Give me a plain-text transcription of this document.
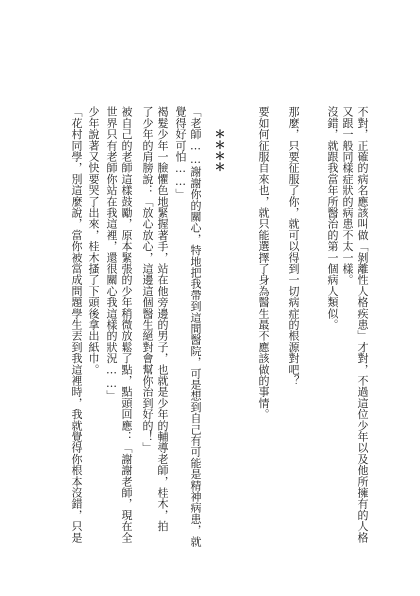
不對，正確的病名應該叫做「剝離性人格疾患」才對，不過這位少年以及他所擁有的人格
又跟一般同樣症狀的病患不太一樣。
沒錯，就跟我當年所醫治的第一個病人類似。
那麼，只要征服了你，就可以得到一切病症的根源對吧？
要如何征服自來也，就只能選擇了身為醫生最不應該做的事情。
＊＊＊＊
「老師……謝謝你的關心，特地把我帶到這間醫院，可是想到自己有可能是精神病患，就
覺得好可怕……」
褐髮少年一臉懼色地緊握著手，站在他旁邊的男子，也就是少年的輔導老師，桂木，拍
了少年的肩膀說：「放心放心，這邊這個醫生絕對會幫你治到好的！」
被自己的老師這樣鼓勵，原本緊張的少年稍微放鬆了點，點頭回應：「謝謝老師，現在全
世界只有老師你站在我這裡，還很關心我這樣的狀況……」
少年說著又快要哭了出來，桂木搔了下頭後拿出紙巾。
「花村同學，別這麼說，當你被當成問題學生丟到我這裡時，我就覺得你根本沒錯，只是
